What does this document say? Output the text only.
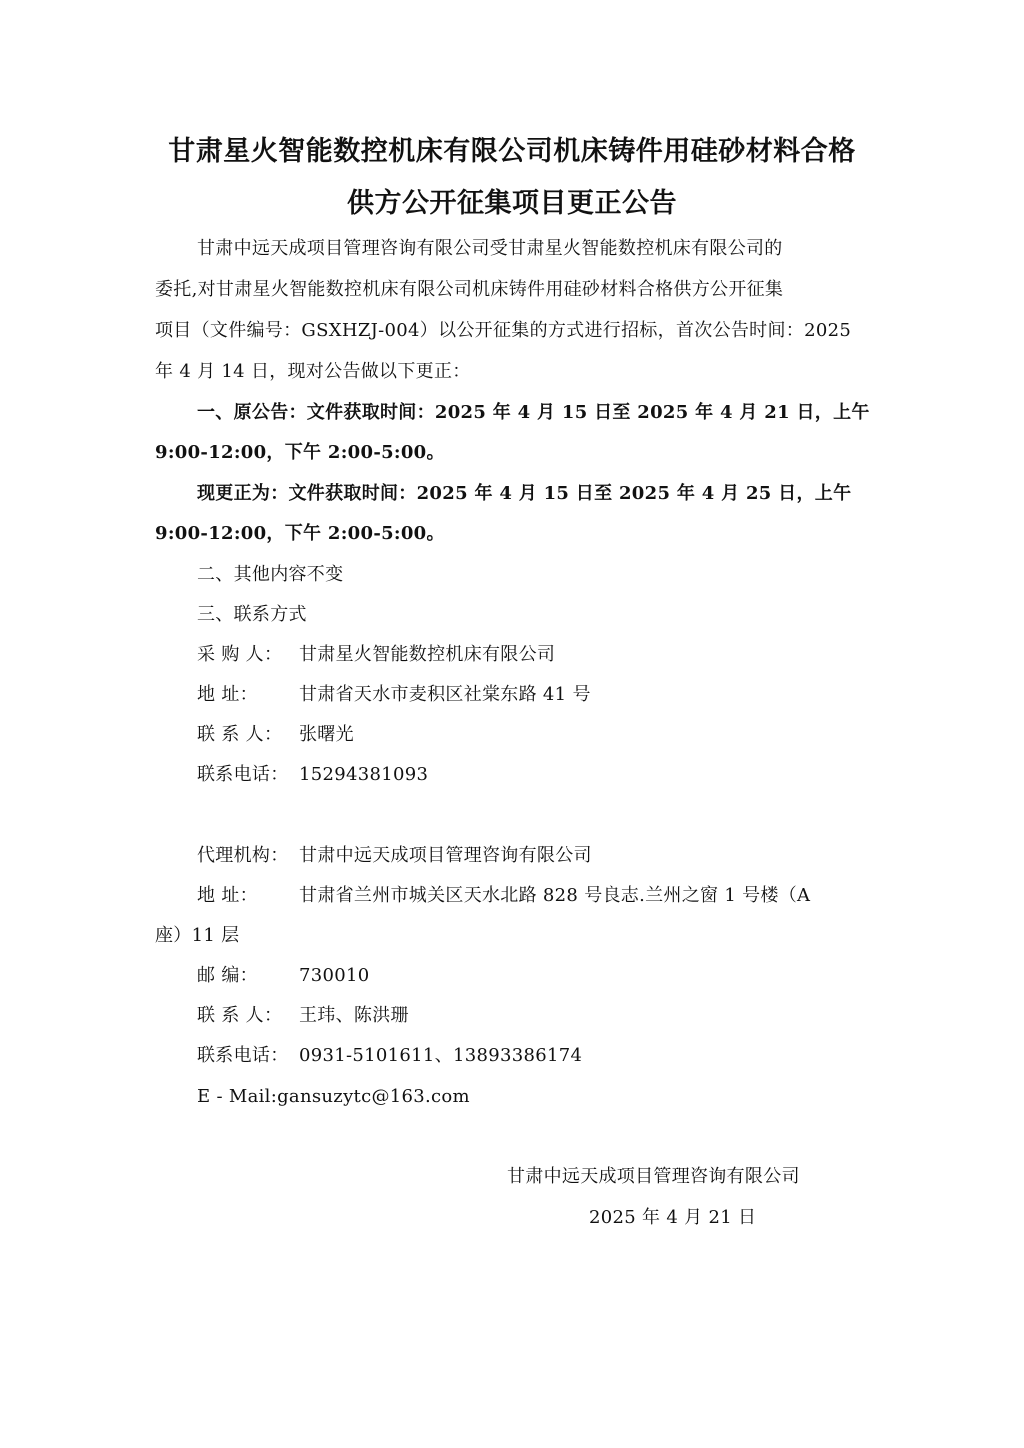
甘肃星火智能数控机床有限公司机床铸件用硅砂材料合格
供方公开征集项目更正公告
甘肃中远天成项目管理咨询有限公司受甘肃星火智能数控机床有限公司的
委托,对甘肃星火智能数控机床有限公司机床铸件用硅砂材料合格供方公开征集
项目（文件编号：GSXHZJ-004）以公开征集的方式进行招标，首次公告时间：2025
年 4 月 14 日，现对公告做以下更正：
一、原公告：文件获取时间：2025 年 4 月 15 日至 2025 年 4 月 21 日，上午
9:00-12:00，下午 2:00-5:00。
现更正为：文件获取时间：2025 年 4 月 15 日至 2025 年 4 月 25 日，上午
9:00-12:00，下午 2:00-5:00。
二、其他内容不变
三、联系方式
采 购 人： 甘肃星火智能数控机床有限公司
地 址： 甘肃省天水市麦积区社棠东路 41 号
联 系 人： 张曙光
联系电话： 15294381093
代理机构： 甘肃中远天成项目管理咨询有限公司
地 址： 甘肃省兰州市城关区天水北路 828 号良志.兰州之窗 1 号楼（A
座）11 层
邮 编： 730010
联 系 人： 王玮、陈洪珊
联系电话： 0931-5101611、13893386174
E - Mail:gansuzytc@163.com
甘肃中远天成项目管理咨询有限公司
2025 年 4 月 21 日
